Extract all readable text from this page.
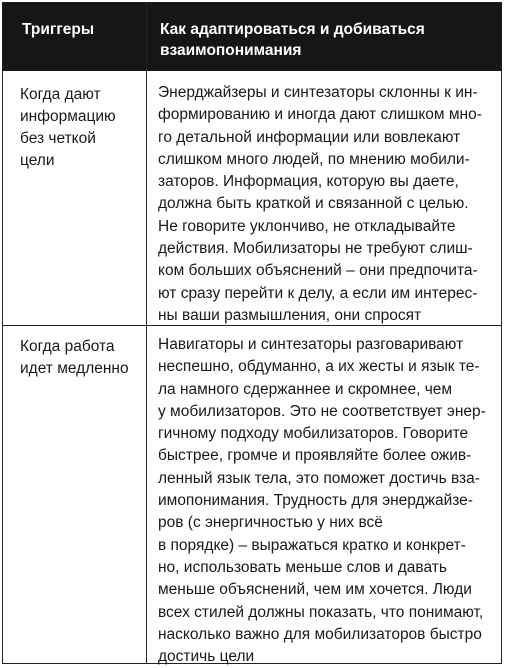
Триггеры	Как адаптироваться и добиваться
взаимопонимания
Когда дают
информацию
без четкой
цели
Энерджайзеры и синтезаторы склонны к ин-
формированию и иногда дают слишком мно-
го детальной информации или вовлекают
слишком много людей, по мнению мобили-
заторов. Информация, которую вы даете,
должна быть краткой и связанной с целью.
Не говорите уклончиво, не откладывайте
действия. Мобилизаторы не требуют слиш-
ком больших объяснений – они предпочита-
ют сразу перейти к делу, а если им интерес-
ны ваши размышления, они спросят
Когда работа
идет медленно
Навигаторы и синтезаторы разговаривают
неспешно, обдуманно, а их жесты и язык те-
ла намного сдержаннее и скромнее, чем
у мобилизаторов. Это не соответствует энер-
гичному подходу мобилизаторов. Говорите
быстрее, громче и проявляйте более ожив-
ленный язык тела, это поможет достичь вза-
имопонимания. Трудность для энерджайзе-
ров (с энергичностью у них всё
в порядке) – выражаться кратко и конкрет-
но, использовать меньше слов и давать
меньше объяснений, чем им хочется. Люди
всех стилей должны показать, что понимают,
насколько важно для мобилизаторов быстро
достичь цели
